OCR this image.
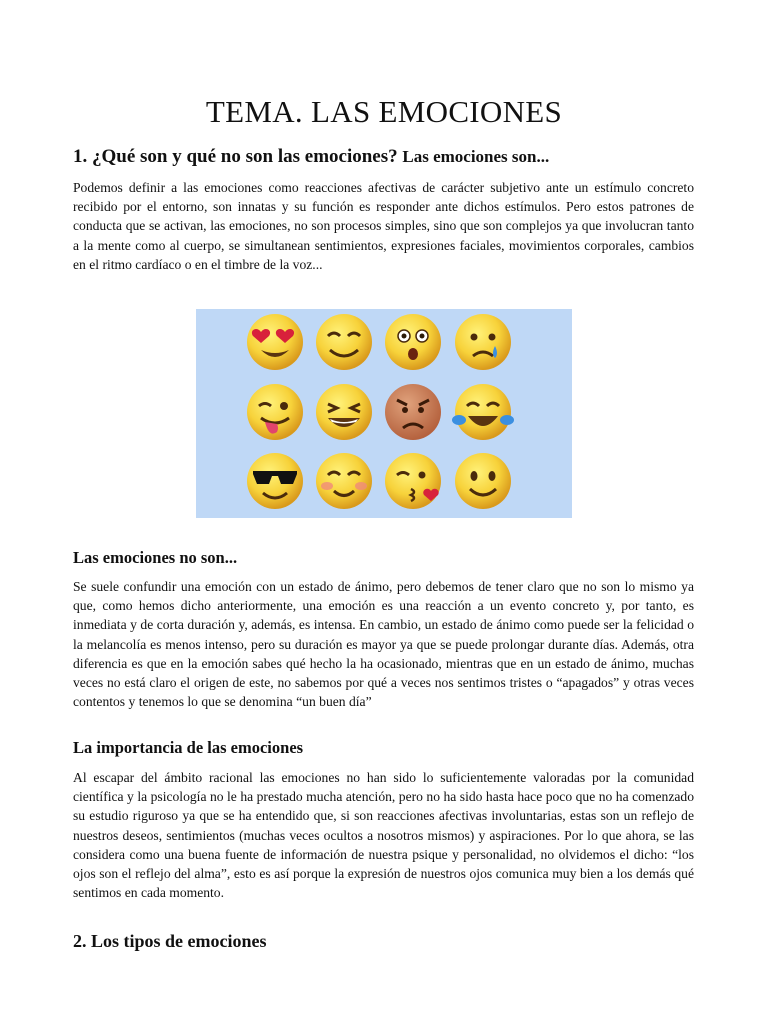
TEMA. LAS EMOCIONES
1. ¿Qué son y qué no son las emociones? Las emociones son...

Podemos definir a las emociones como reacciones afectivas de carácter subjetivo ante un estímulo concreto recibido por el entorno, son innatas y su función es responder ante dichos estímulos. Pero estos patrones de conducta que se activan, las emociones, no son procesos simples, sino que son complejos ya que involucran tanto a la mente como al cuerpo, se simultanean sentimientos, expresiones faciales, movimientos corporales, cambios en el ritmo cardíaco o en el timbre de la voz...

Las emociones no son...

Se suele confundir una emoción con un estado de ánimo, pero debemos de tener claro que no son lo mismo ya que, como hemos dicho anteriormente, una emoción es una reacción a un evento concreto y, por tanto, es inmediata y de corta duración y, además, es intensa. En cambio, un estado de ánimo como puede ser la felicidad o la melancolía es menos intenso, pero su duración es mayor ya que se puede prolongar durante días. Además, otra diferencia es que en la emoción sabes qué hecho la ha ocasionado, mientras que en un estado de ánimo, muchas veces no está claro el origen de este, no sabemos por qué a veces nos sentimos tristes o “apagados” y otras veces contentos y tenemos lo que se denomina “un buen día”

La importancia de las emociones

Al escapar del ámbito racional las emociones no han sido lo suficientemente valoradas por la comunidad científica y la psicología no le ha prestado mucha atención, pero no ha sido hasta hace poco que no ha comenzado su estudio riguroso ya que se ha entendido que, si son reacciones afectivas involuntarias, estas son un reflejo de nuestros deseos, sentimientos (muchas veces ocultos a nosotros mismos) y aspiraciones. Por lo que ahora, se las considera como una buena fuente de información de nuestra psique y personalidad, no olvidemos el dicho: “los ojos son el reflejo del alma”, esto es así porque la expresión de nuestros ojos comunica muy bien a los demás qué sentimos en cada momento.

2. Los tipos de emociones
